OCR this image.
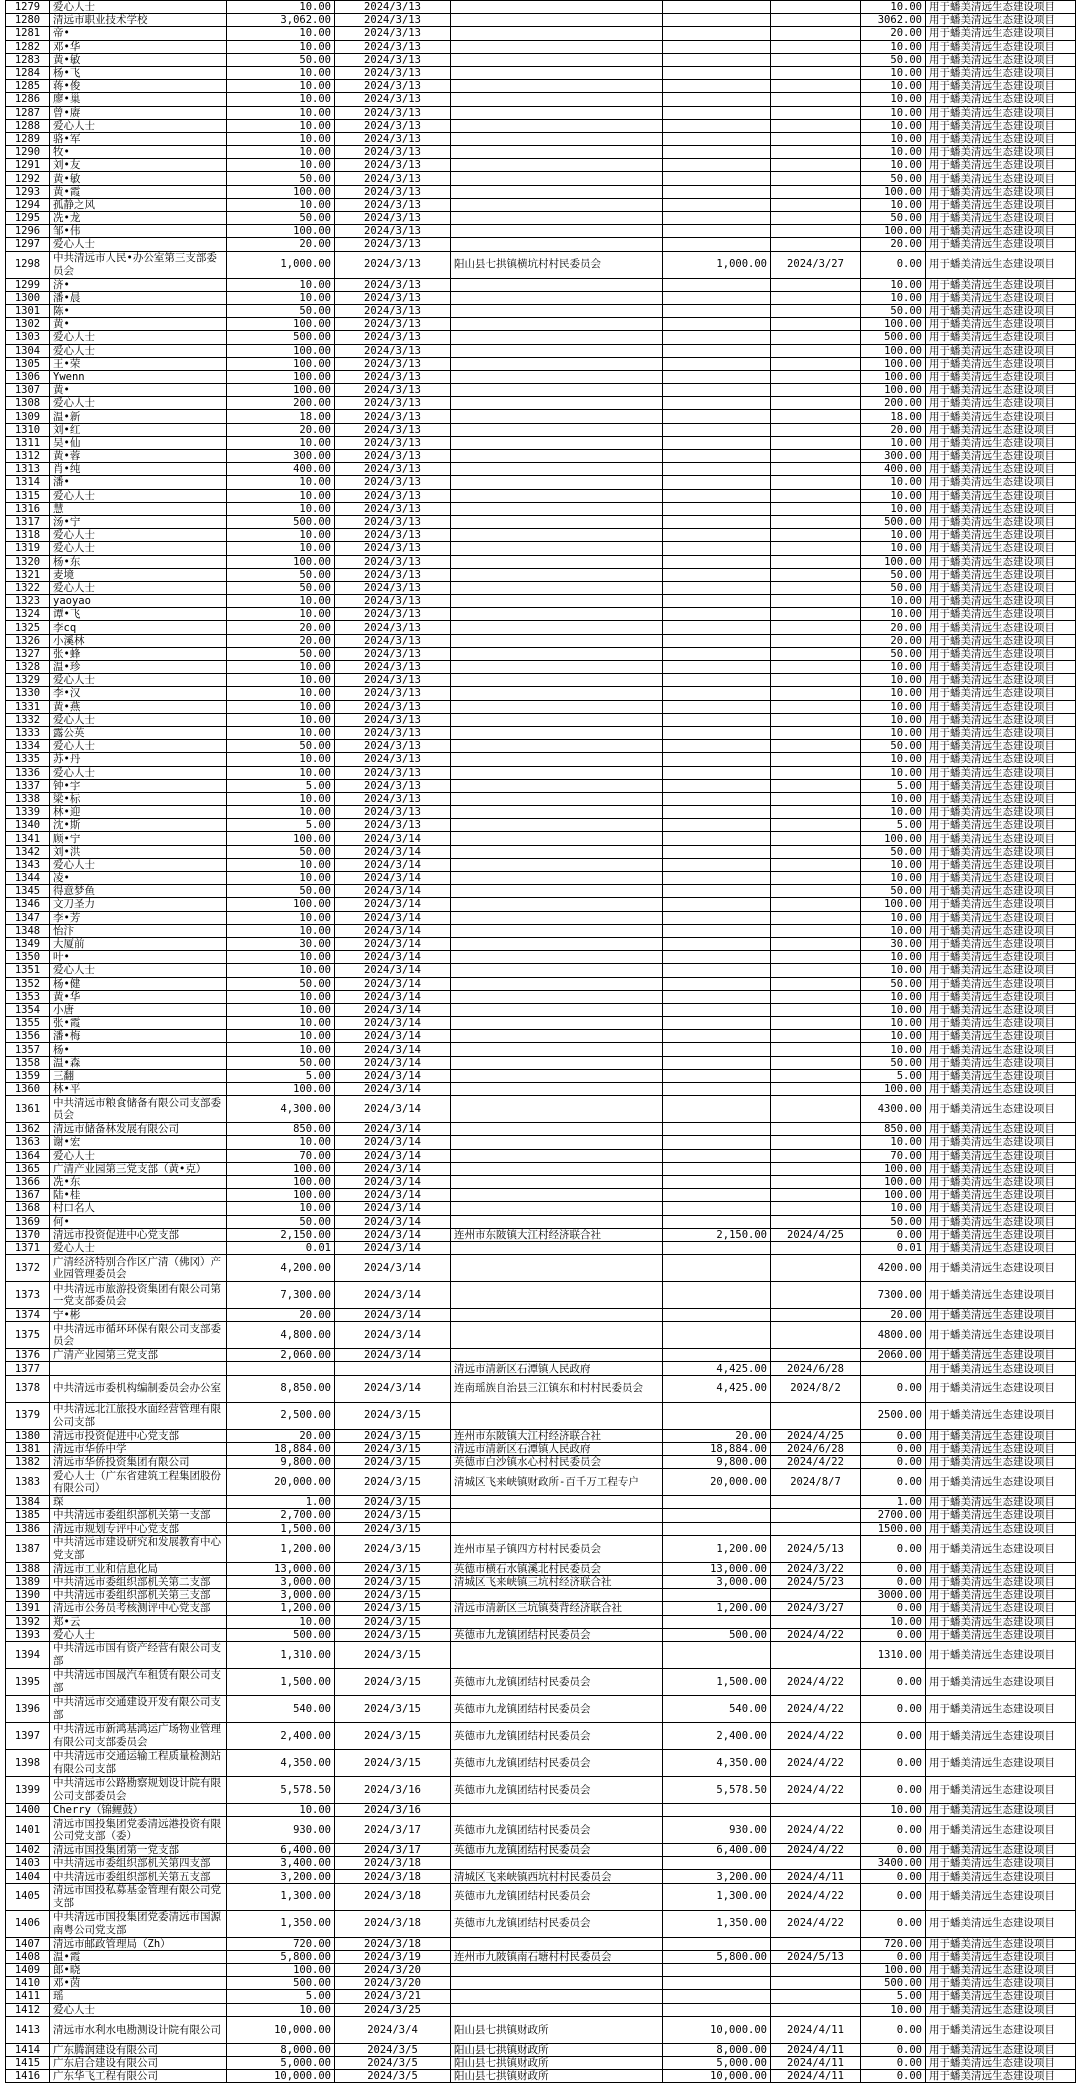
1279	爱心人士	10.00	2024/3/13				10.00	用于蟠美清远生态建设项目
1280	清远市职业技术学校	3,062.00	2024/3/13				3062.00	用于蟠美清远生态建设项目
1281	帝•	10.00	2024/3/13				20.00	用于蟠美清远生态建设项目
1282	邓•华	10.00	2024/3/13				10.00	用于蟠美清远生态建设项目
1283	黄•敏	50.00	2024/3/13				50.00	用于蟠美清远生态建设项目
1284	杨•飞	10.00	2024/3/13				10.00	用于蟠美清远生态建设项目
1285	蒋•俊	10.00	2024/3/13				10.00	用于蟠美清远生态建设项目
1286	廖•巢	10.00	2024/3/13				10.00	用于蟠美清远生态建设项目
1287	曾•赓	10.00	2024/3/13				10.00	用于蟠美清远生态建设项目
1288	爱心人士	10.00	2024/3/13				10.00	用于蟠美清远生态建设项目
1289	骆•军	10.00	2024/3/13				10.00	用于蟠美清远生态建设项目
1290	牧•	10.00	2024/3/13				10.00	用于蟠美清远生态建设项目
1291	刘•友	10.00	2024/3/13				10.00	用于蟠美清远生态建设项目
1292	黄•敏	50.00	2024/3/13				50.00	用于蟠美清远生态建设项目
1293	黄•霞	100.00	2024/3/13				100.00	用于蟠美清远生态建设项目
1294	孤静之风	10.00	2024/3/13				10.00	用于蟠美清远生态建设项目
1295	冼•龙	50.00	2024/3/13				50.00	用于蟠美清远生态建设项目
1296	邹•伟	100.00	2024/3/13				100.00	用于蟠美清远生态建设项目
1297	爱心人士	20.00	2024/3/13				20.00	用于蟠美清远生态建设项目
1298	中共清远市人民•办公室第三支部委员会	1,000.00	2024/3/13	阳山县七拱镇横坑村村民委员会	1,000.00	2024/3/27	0.00	用于蟠美清远生态建设项目
1299	济•	10.00	2024/3/13				10.00	用于蟠美清远生态建设项目
1300	潘•晨	10.00	2024/3/13				10.00	用于蟠美清远生态建设项目
1301	陈•	50.00	2024/3/13				50.00	用于蟠美清远生态建设项目
1302	黄•	100.00	2024/3/13				100.00	用于蟠美清远生态建设项目
1303	爱心人士	500.00	2024/3/13				500.00	用于蟠美清远生态建设项目
1304	爱心人士	100.00	2024/3/13				100.00	用于蟠美清远生态建设项目
1305	王•荣	100.00	2024/3/13				100.00	用于蟠美清远生态建设项目
1306	Ywenn	100.00	2024/3/13				100.00	用于蟠美清远生态建设项目
1307	黄•	100.00	2024/3/13				100.00	用于蟠美清远生态建设项目
1308	爱心人士	200.00	2024/3/13				200.00	用于蟠美清远生态建设项目
1309	温•新	18.00	2024/3/13				18.00	用于蟠美清远生态建设项目
1310	刘•红	20.00	2024/3/13				20.00	用于蟠美清远生态建设项目
1311	吴•仙	10.00	2024/3/13				10.00	用于蟠美清远生态建设项目
1312	黄•蓉	300.00	2024/3/13				300.00	用于蟠美清远生态建设项目
1313	肖•纯	400.00	2024/3/13				400.00	用于蟠美清远生态建设项目
1314	潘•	10.00	2024/3/13				10.00	用于蟠美清远生态建设项目
1315	爱心人士	10.00	2024/3/13				10.00	用于蟠美清远生态建设项目
1316	慧	10.00	2024/3/13				10.00	用于蟠美清远生态建设项目
1317	汤•宁	500.00	2024/3/13				500.00	用于蟠美清远生态建设项目
1318	爱心人士	10.00	2024/3/13				10.00	用于蟠美清远生态建设项目
1319	爱心人士	10.00	2024/3/13				10.00	用于蟠美清远生态建设项目
1320	杨•东	100.00	2024/3/13				100.00	用于蟠美清远生态建设项目
1321	麦境	50.00	2024/3/13				50.00	用于蟠美清远生态建设项目
1322	爱心人士	50.00	2024/3/13				50.00	用于蟠美清远生态建设项目
1323	yaoyao	10.00	2024/3/13				10.00	用于蟠美清远生态建设项目
1324	谭•飞	10.00	2024/3/13				10.00	用于蟠美清远生态建设项目
1325	李cq	20.00	2024/3/13				20.00	用于蟠美清远生态建设项目
1326	小溪林	20.00	2024/3/13				20.00	用于蟠美清远生态建设项目
1327	张•蜂	50.00	2024/3/13				50.00	用于蟠美清远生态建设项目
1328	温•珍	10.00	2024/3/13				10.00	用于蟠美清远生态建设项目
1329	爱心人士	10.00	2024/3/13				10.00	用于蟠美清远生态建设项目
1330	李•汉	10.00	2024/3/13				10.00	用于蟠美清远生态建设项目
1331	黄•燕	10.00	2024/3/13				10.00	用于蟠美清远生态建设项目
1332	爱心人士	10.00	2024/3/13				10.00	用于蟠美清远生态建设项目
1333	露公英	10.00	2024/3/13				10.00	用于蟠美清远生态建设项目
1334	爱心人士	50.00	2024/3/13				50.00	用于蟠美清远生态建设项目
1335	苏•丹	10.00	2024/3/13				10.00	用于蟠美清远生态建设项目
1336	爱心人士	10.00	2024/3/13				10.00	用于蟠美清远生态建设项目
1337	钟•宇	5.00	2024/3/13				5.00	用于蟠美清远生态建设项目
1338	梁•标	10.00	2024/3/13				10.00	用于蟠美清远生态建设项目
1339	林•迎	10.00	2024/3/13				10.00	用于蟠美清远生态建设项目
1340	沈•斯	5.00	2024/3/13				5.00	用于蟠美清远生态建设项目
1341	顾•宁	100.00	2024/3/14				100.00	用于蟠美清远生态建设项目
1342	刘•洪	50.00	2024/3/14				50.00	用于蟠美清远生态建设项目
1343	爱心人士	10.00	2024/3/14				10.00	用于蟠美清远生态建设项目
1344	凌•	10.00	2024/3/14				10.00	用于蟠美清远生态建设项目
1345	得意梦鱼	50.00	2024/3/14				50.00	用于蟠美清远生态建设项目
1346	文刀圣力	100.00	2024/3/14				100.00	用于蟠美清远生态建设项目
1347	李•芳	10.00	2024/3/14				10.00	用于蟠美清远生态建设项目
1348	怡汴	10.00	2024/3/14				10.00	用于蟠美清远生态建设项目
1349	大厦前	30.00	2024/3/14				30.00	用于蟠美清远生态建设项目
1350	叶•	10.00	2024/3/14				10.00	用于蟠美清远生态建设项目
1351	爱心人士	10.00	2024/3/14				10.00	用于蟠美清远生态建设项目
1352	杨•健	50.00	2024/3/14				50.00	用于蟠美清远生态建设项目
1353	黄•华	10.00	2024/3/14				10.00	用于蟠美清远生态建设项目
1354	小唐	10.00	2024/3/14				10.00	用于蟠美清远生态建设项目
1355	张•霞	10.00	2024/3/14				10.00	用于蟠美清远生态建设项目
1356	潘•梅	10.00	2024/3/14				10.00	用于蟠美清远生态建设项目
1357	杨•	10.00	2024/3/14				10.00	用于蟠美清远生态建设项目
1358	温•森	50.00	2024/3/14				50.00	用于蟠美清远生态建设项目
1359	三翻	5.00	2024/3/14				5.00	用于蟠美清远生态建设项目
1360	林•平	100.00	2024/3/14				100.00	用于蟠美清远生态建设项目
1361	中共清远市粮食储备有限公司支部委员会	4,300.00	2024/3/14				4300.00	用于蟠美清远生态建设项目
1362	清远市储备林发展有限公司	850.00	2024/3/14				850.00	用于蟠美清远生态建设项目
1363	谢•宏	10.00	2024/3/14				10.00	用于蟠美清远生态建设项目
1364	爱心人士	70.00	2024/3/14				70.00	用于蟠美清远生态建设项目
1365	广清产业园第三党支部（黄•克）	100.00	2024/3/14				100.00	用于蟠美清远生态建设项目
1366	冼•东	100.00	2024/3/14				100.00	用于蟠美清远生态建设项目
1367	陆•桂	100.00	2024/3/14				100.00	用于蟠美清远生态建设项目
1368	村口名人	10.00	2024/3/14				10.00	用于蟠美清远生态建设项目
1369	何•	50.00	2024/3/14				50.00	用于蟠美清远生态建设项目
1370	清远市投资促进中心党支部	2,150.00	2024/3/14	连州市东陂镇大江村经济联合社	2,150.00	2024/4/25	0.00	用于蟠美清远生态建设项目
1371	爱心人士	0.01	2024/3/14				0.01	用于蟠美清远生态建设项目
1372	广清经济特别合作区广清（佛冈）产业园管理委员会	4,200.00	2024/3/14				4200.00	用于蟠美清远生态建设项目
1373	中共清远市旅游投资集团有限公司第一党支部委员会	7,300.00	2024/3/14				7300.00	用于蟠美清远生态建设项目
1374	宁•彬	20.00	2024/3/14				20.00	用于蟠美清远生态建设项目
1375	中共清远市循环环保有限公司支部委员会	4,800.00	2024/3/14				4800.00	用于蟠美清远生态建设项目
1376	广清产业园第三党支部	2,060.00	2024/3/14				2060.00	用于蟠美清远生态建设项目
1377				清远市清新区石潭镇人民政府	4,425.00	2024/6/28		用于蟠美清远生态建设项目
1378	中共清远市委机构编制委员会办公室	8,850.00	2024/3/14	连南瑶族自治县三江镇东和村村民委员会	4,425.00	2024/8/2	0.00	用于蟠美清远生态建设项目
1379	中共清远北江旅投水面经营管理有限公司支部	2,500.00	2024/3/15				2500.00	用于蟠美清远生态建设项目
1380	清远市投资促进中心党支部	20.00	2024/3/15	连州市东陂镇大江村经济联合社	20.00	2024/4/25	0.00	用于蟠美清远生态建设项目
1381	清远市华侨中学	18,884.00	2024/3/15	清远市清新区石潭镇人民政府	18,884.00	2024/6/28	0.00	用于蟠美清远生态建设项目
1382	清远市华侨投资集团有限公司	9,800.00	2024/3/15	英德市白沙镇水心村村民委员会	9,800.00	2024/4/22	0.00	用于蟠美清远生态建设项目
1383	爱心人士（广东省建筑工程集团股份有限公司）	20,000.00	2024/3/15	清城区飞来峡镇财政所-百千万工程专户	20,000.00	2024/8/7	0.00	用于蟠美清远生态建设项目
1384	琛	1.00	2024/3/15				1.00	用于蟠美清远生态建设项目
1385	中共清远市委组织部机关第一支部	2,700.00	2024/3/15				2700.00	用于蟠美清远生态建设项目
1386	清远市规划专评中心党支部	1,500.00	2024/3/15				1500.00	用于蟠美清远生态建设项目
1387	中共清远市建设研究和发展教育中心党支部	1,200.00	2024/3/15	连州市星子镇四方村村民委员会	1,200.00	2024/5/13	0.00	用于蟠美清远生态建设项目
1388	清远市工业和信息化局	13,000.00	2024/3/15	英德市横石水镇溪北村民委员会	13,000.00	2024/3/22	0.00	用于蟠美清远生态建设项目
1389	中共清远市委组织部机关第二支部	3,000.00	2024/3/15	清城区飞来峡镇三坑村经济联合社	3,000.00	2024/5/23	0.00	用于蟠美清远生态建设项目
1390	中共清远市委组织部机关第三支部	3,000.00	2024/3/15				3000.00	用于蟠美清远生态建设项目
1391	清远市公务员考核测评中心党支部	1,200.00	2024/3/15	清远市清新区三坑镇葵背经济联合社	1,200.00	2024/3/27	0.00	用于蟠美清远生态建设项目
1392	郑•云	10.00	2024/3/15				10.00	用于蟠美清远生态建设项目
1393	爱心人士	500.00	2024/3/15	英德市九龙镇团结村民委员会	500.00	2024/4/22	0.00	用于蟠美清远生态建设项目
1394	中共清远市国有资产经营有限公司支部	1,310.00	2024/3/15				1310.00	用于蟠美清远生态建设项目
1395	中共清远市国晟汽车租赁有限公司支部	1,500.00	2024/3/15	英德市九龙镇团结村民委员会	1,500.00	2024/4/22	0.00	用于蟠美清远生态建设项目
1396	中共清远市交通建设开发有限公司支部	540.00	2024/3/15	英德市九龙镇团结村民委员会	540.00	2024/4/22	0.00	用于蟠美清远生态建设项目
1397	中共清远市新鸿基鸿运广场物业管理有限公司支部委员会	2,400.00	2024/3/15	英德市九龙镇团结村民委员会	2,400.00	2024/4/22	0.00	用于蟠美清远生态建设项目
1398	中共清远市交通运输工程质量检测站有限公司支部	4,350.00	2024/3/15	英德市九龙镇团结村民委员会	4,350.00	2024/4/22	0.00	用于蟠美清远生态建设项目
1399	中共清远市公路勘察规划设计院有限公司支部委员会	5,578.50	2024/3/16	英德市九龙镇团结村民委员会	5,578.50	2024/4/22	0.00	用于蟠美清远生态建设项目
1400	Cherry（锦鲤鼓）	10.00	2024/3/16				10.00	用于蟠美清远生态建设项目
1401	清远市国投集团党委清远港投资有限公司党支部（委）	930.00	2024/3/17	英德市九龙镇团结村民委员会	930.00	2024/4/22	0.00	用于蟠美清远生态建设项目
1402	清远市国投集团第一党支部	6,400.00	2024/3/17	英德市九龙镇团结村民委员会	6,400.00	2024/4/22	0.00	用于蟠美清远生态建设项目
1403	中共清远市委组织部机关第四支部	3,400.00	2024/3/18				3400.00	用于蟠美清远生态建设项目
1404	中共清远市委组织部机关第五支部	3,200.00	2024/3/18	清城区飞来峡镇西坑村村民委员会	3,200.00	2024/4/11	0.00	用于蟠美清远生态建设项目
1405	清远市国投私募基金管理有限公司党支部	1,300.00	2024/3/18	英德市九龙镇团结村民委员会	1,300.00	2024/4/22	0.00	用于蟠美清远生态建设项目
1406	中共清远市国投集团党委清远市国源南粤公司党支部	1,350.00	2024/3/18	英德市九龙镇团结村民委员会	1,350.00	2024/4/22	0.00	用于蟠美清远生态建设项目
1407	清远市邮政管理局（Zh）	720.00	2024/3/18				720.00	用于蟠美清远生态建设项目
1408	温•霞	5,800.00	2024/3/19	连州市九陂镇南石塘村村民委员会	5,800.00	2024/5/13	0.00	用于蟠美清远生态建设项目
1409	郎•晓	100.00	2024/3/20				100.00	用于蟠美清远生态建设项目
1410	邓•茵	500.00	2024/3/20				500.00	用于蟠美清远生态建设项目
1411	瑶	5.00	2024/3/21				5.00	用于蟠美清远生态建设项目
1412	爱心人士	10.00	2024/3/25				10.00	用于蟠美清远生态建设项目
1413	清远市水利水电勘测设计院有限公司	10,000.00	2024/3/4	阳山县七拱镇财政所	10,000.00	2024/4/11	0.00	用于蟠美清远生态建设项目
1414	广东腾润建设有限公司	8,000.00	2024/3/5	阳山县七拱镇财政所	8,000.00	2024/4/11	0.00	用于蟠美清远生态建设项目
1415	广东启合建设有限公司	5,000.00	2024/3/5	阳山县七拱镇财政所	5,000.00	2024/4/11	0.00	用于蟠美清远生态建设项目
1416	广东华飞工程有限公司	10,000.00	2024/3/5	阳山县七拱镇财政所	10,000.00	2024/4/11	0.00	用于蟠美清远生态建设项目
